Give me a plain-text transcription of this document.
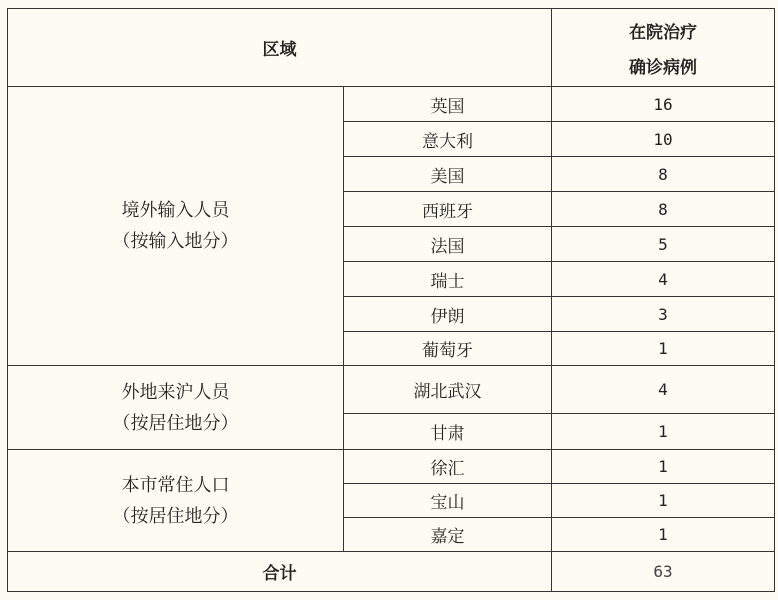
区域		在院治疗
确诊病例

境外输入人员
（按输入地分）	英国	16
	意大利	10
	美国	8
	西班牙	8
	法国	5
	瑞士	4
	伊朗	3
	葡萄牙	1

外地来沪人员
（按居住地分）	湖北武汉	4
	甘肃	1

本市常住人口
（按居住地分）	徐汇	1
	宝山	1
	嘉定	1
合计		63
